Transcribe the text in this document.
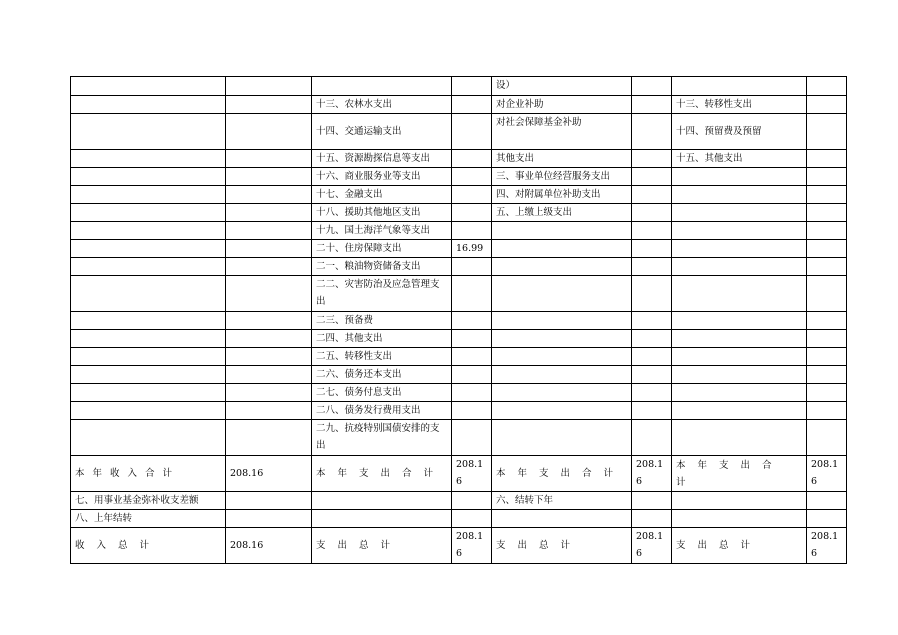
				设）			
		十三、农林水支出		对企业补助		十三、转移性支出	
		十四、交通运输支出		对社会保障基金补助		十四、预留费及预留	
		十五、资源勘探信息等支出		其他支出		十五、其他支出	
		十六、商业服务业等支出		三、事业单位经营服务支出			
		十七、金融支出		四、对附属单位补助支出			
		十八、援助其他地区支出		五、上缴上级支出			
		十九、国土海洋气象等支出					
		二十、住房保障支出	16.99				
		二一、粮油物资储备支出					
		二二、灾害防治及应急管理支出					
		二三、预备费					
		二四、其他支出					
		二五、转移性支出					
		二六、债务还本支出					
		二七、债务付息支出					
		二八、债务发行费用支出					
		二九、抗疫特别国债安排的支出					
本年收入合计	208.16	本年支出合计	208.16	本年支出合计	208.16	本年支出合计	208.16
七、用事业基金弥补收支差额				六、结转下年			
八、上年结转							
收入总计	208.16	支出总计	208.16	支出总计	208.16	支出总计	208.16
